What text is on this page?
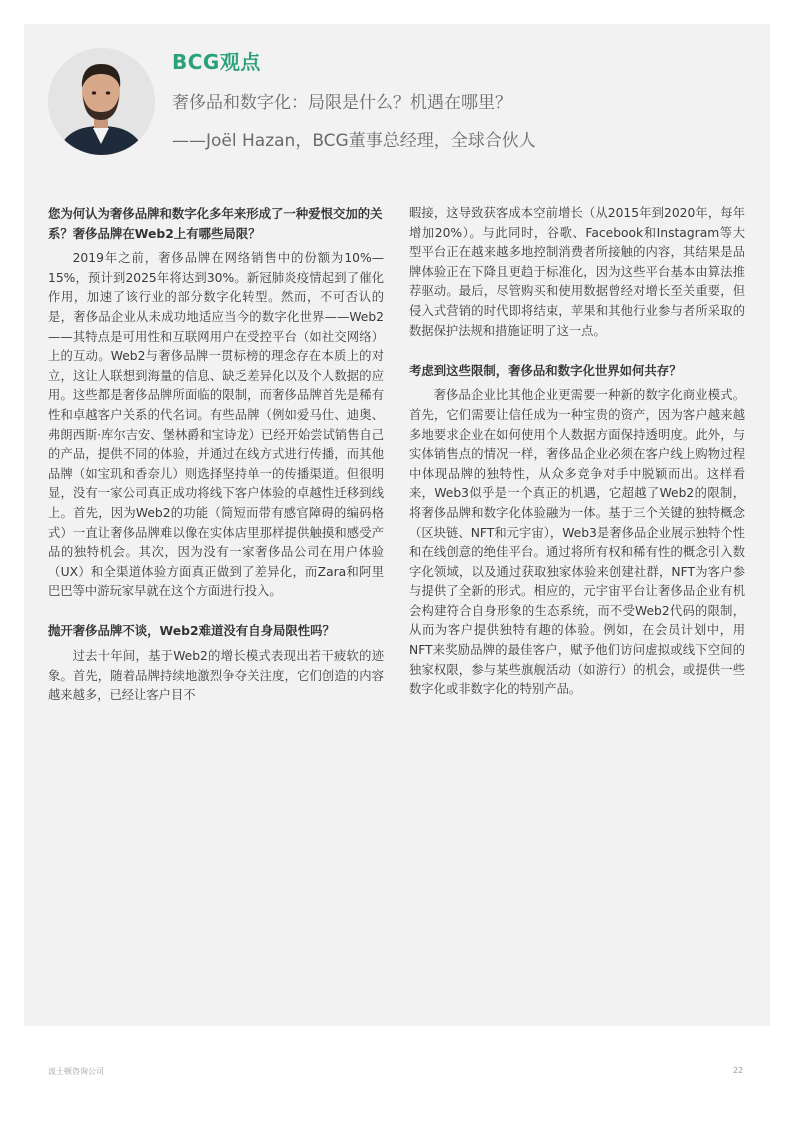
BCG观点
奢侈品和数字化：局限是什么？机遇在哪里？
——Joël Hazan，BCG董事总经理，全球合伙人
您为何认为奢侈品牌和数字化多年来形成了一种爱恨交加的关系？奢侈品牌在Web2上有哪些局限？

2019年之前，奢侈品牌在网络销售中的份额为10%—15%，预计到2025年将达到30%。新冠肺炎疫情起到了催化作用，加速了该行业的部分数字化转型。然而，不可否认的是，奢侈品企业从未成功地适应当今的数字化世界——Web2——其特点是可用性和互联网用户在受控平台（如社交网络）上的互动。Web2与奢侈品牌一贯标榜的理念存在本质上的对立，这让人联想到海量的信息、缺乏差异化以及个人数据的应用。这些都是奢侈品牌所面临的限制，而奢侈品牌首先是稀有性和卓越客户关系的代名词。有些品牌（例如爱马仕、迪奥、弗朗西斯·库尔吉安、堡林爵和宝诗龙）已经开始尝试销售自己的产品，提供不同的体验，并通过在线方式进行传播，而其他品牌（如宝玑和香奈儿）则选择坚持单一的传播渠道。但很明显，没有一家公司真正成功将线下客户体验的卓越性迁移到线上。首先，因为Web2的功能（简短而带有感官障碍的编码格式）一直让奢侈品牌难以像在实体店里那样提供触摸和感受产品的独特机会。其次，因为没有一家奢侈品公司在用户体验（UX）和全渠道体验方面真正做到了差异化，而Zara和阿里巴巴等中游玩家早就在这个方面进行投入。

抛开奢侈品牌不谈，Web2难道没有自身局限性吗？

过去十年间，基于Web2的增长模式表现出若干疲软的迹象。首先，随着品牌持续地激烈争夺关注度，它们创造的内容越来越多，已经让客户目不

暇接，这导致获客成本空前增长（从2015年到2020年，每年增加20%）。与此同时，谷歌、Facebook和Instagram等大型平台正在越来越多地控制消费者所接触的内容，其结果是品牌体验正在下降且更趋于标准化，因为这些平台基本由算法推荐驱动。最后，尽管购买和使用数据曾经对增长至关重要，但侵入式营销的时代即将结束，苹果和其他行业参与者所采取的数据保护法规和措施证明了这一点。

考虑到这些限制，奢侈品和数字化世界如何共存？

奢侈品企业比其他企业更需要一种新的数字化商业模式。首先，它们需要让信任成为一种宝贵的资产，因为客户越来越多地要求企业在如何使用个人数据方面保持透明度。此外，与实体销售点的情况一样，奢侈品企业必须在客户线上购物过程中体现品牌的独特性，从众多竞争对手中脱颖而出。这样看来，Web3似乎是一个真正的机遇，它超越了Web2的限制，将奢侈品牌和数字化体验融为一体。基于三个关键的独特概念（区块链、NFT和元宇宙），Web3是奢侈品企业展示独特个性和在线创意的绝佳平台。通过将所有权和稀有性的概念引入数字化领域，以及通过获取独家体验来创建社群，NFT为客户参与提供了全新的形式。相应的，元宇宙平台让奢侈品企业有机会构建符合自身形象的生态系统，而不受Web2代码的限制，从而为客户提供独特有趣的体验。例如，在会员计划中，用NFT来奖励品牌的最佳客户，赋予他们访问虚拟或线下空间的独家权限，参与某些旗舰活动（如游行）的机会，或提供一些数字化或非数字化的特别产品。

波士顿咨询公司	22
